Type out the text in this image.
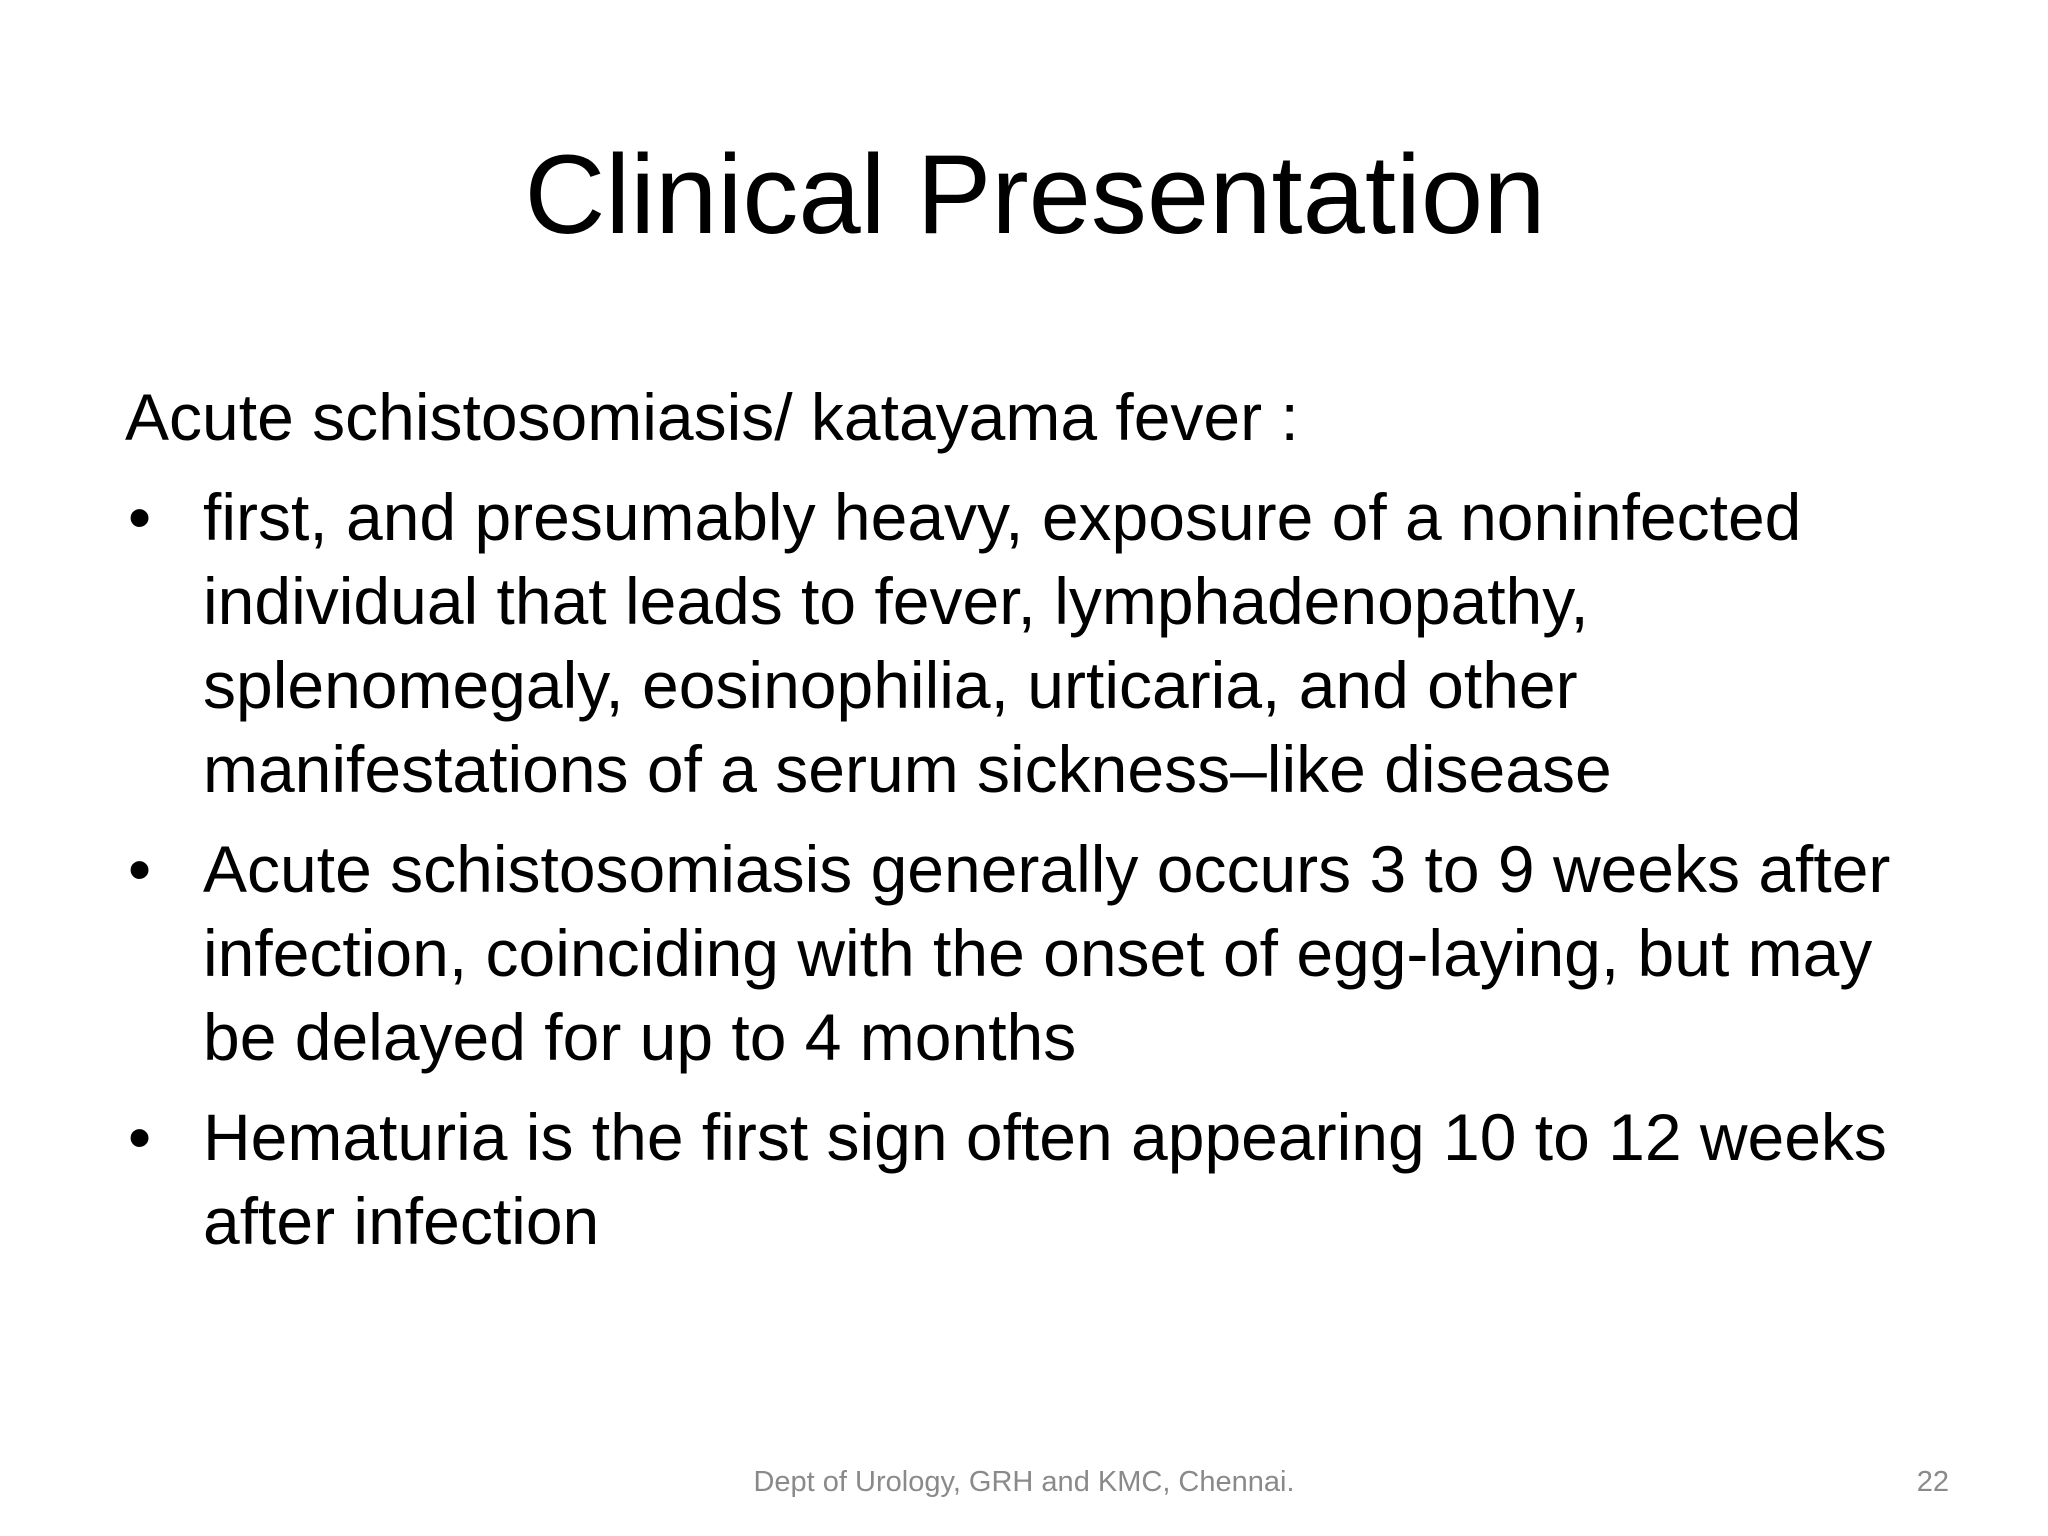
Clinical Presentation

Acute schistosomiasis/ katayama fever :

• first, and presumably heavy, exposure of a noninfected individual that leads to fever, lymphadenopathy, splenomegaly, eosinophilia, urticaria, and other manifestations of a serum sickness–like disease
• Acute schistosomiasis generally occurs 3 to 9 weeks after infection, coinciding with the onset of egg-laying, but may be delayed for up to 4 months
• Hematuria is the first sign often appearing 10 to 12 weeks after infection
Dept of Urology, GRH and KMC, Chennai.	22
